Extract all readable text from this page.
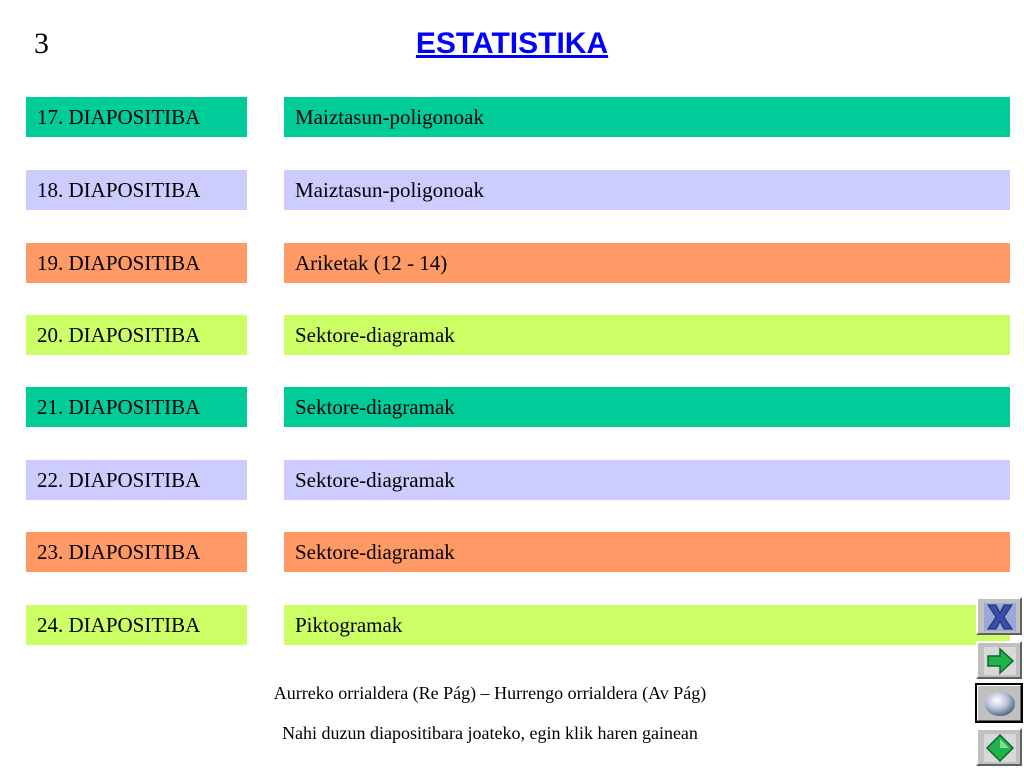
3	ESTATISTIKA
17. DIAPOSITIBA	Maiztasun-poligonoak
18. DIAPOSITIBA	Maiztasun-poligonoak
19. DIAPOSITIBA	Ariketak (12 - 14)
20. DIAPOSITIBA	Sektore-diagramak
21. DIAPOSITIBA	Sektore-diagramak
22. DIAPOSITIBA	Sektore-diagramak
23. DIAPOSITIBA	Sektore-diagramak
24. DIAPOSITIBA	Piktogramak
Aurreko orrialdera (Re Pág) – Hurrengo orrialdera (Av Pág)
Nahi duzun diapositibara joateko, egin klik haren gainean
